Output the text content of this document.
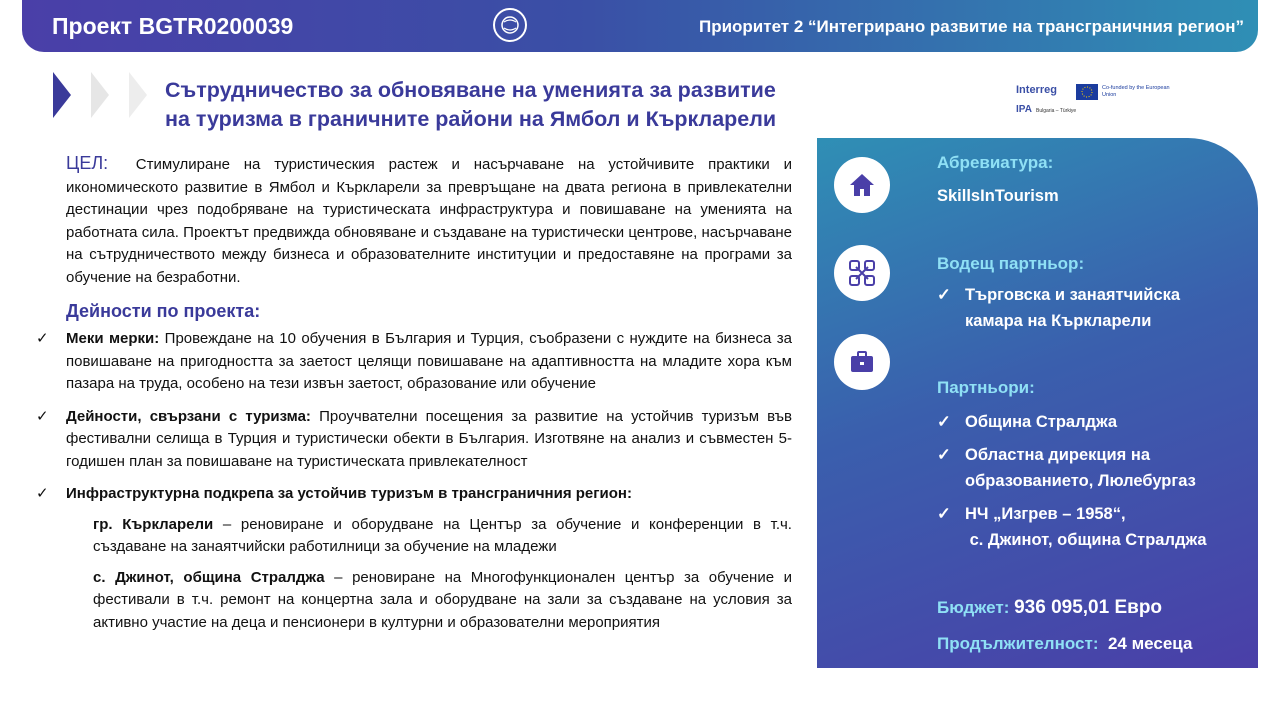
Проект BGTR0200039	Приоритет 2 “Интегрирано развитие на трансграничния регион”
Сътрудничество за обновяване на уменията за развитие
на туризма в граничните райони на Ямбол и Къркларели
Interreg	Co-funded by the European Union
IPA Bulgaria – Türkiye

ЦЕЛ: Стимулиране на туристическия растеж и насърчаване на устойчивите практики и икономическото развитие в Ямбол и Къркларели за превръщане на двата региона в привлекателни дестинации чрез подобряване на туристическата инфраструктура и повишаване на уменията на работната сила. Проектът предвижда обновяване и създаване на туристически центрове, насърчаване на сътрудничеството между бизнеса и образователните институции и предоставяне на програми за обучение на безработни.

Дейности по проекта:
✓ Меки мерки: Провеждане на 10 обучения в България и Турция, съобразени с нуждите на бизнеса за повишаване на пригодността за заетост целящи повишаване на адаптивността на младите хора към пазара на труда, особено на тези извън заетост, образование или обучение
✓ Дейности, свързани с туризма: Проучвателни посещения за развитие на устойчив туризъм във фестивални селища в Турция и туристически обекти в България. Изготвяне на анализ и съвместен 5-годишен план за повишаване на туристическата привлекателност
✓ Инфраструктурна подкрепа за устойчив туризъм в трансграничния регион:
гр. Къркларели – реновиране и оборудване на Център за обучение и конференции в т.ч. създаване на занаятчийски работилници за обучение на младежи
с. Джинот, община Стралджа – реновиране на Многофункционален център за обучение и фестивали в т.ч. ремонт на концертна зала и оборудване на зали за създаване на условия за активно участие на деца и пенсионери в културни и образователни мероприятия
Абревиатура:
SkillsInTourism
Водещ партньор:
✓ Търговска и занаятчийска
камара на Къркларели
Партньори:
✓ Община Стралджа
✓ Областна дирекция на
образованието, Люлебургаз
✓ НЧ „Изгрев – 1958“,
с. Джинот, община Стралджа
Бюджет: 936 095,01 Евро
Продължителност: 24 месеца
